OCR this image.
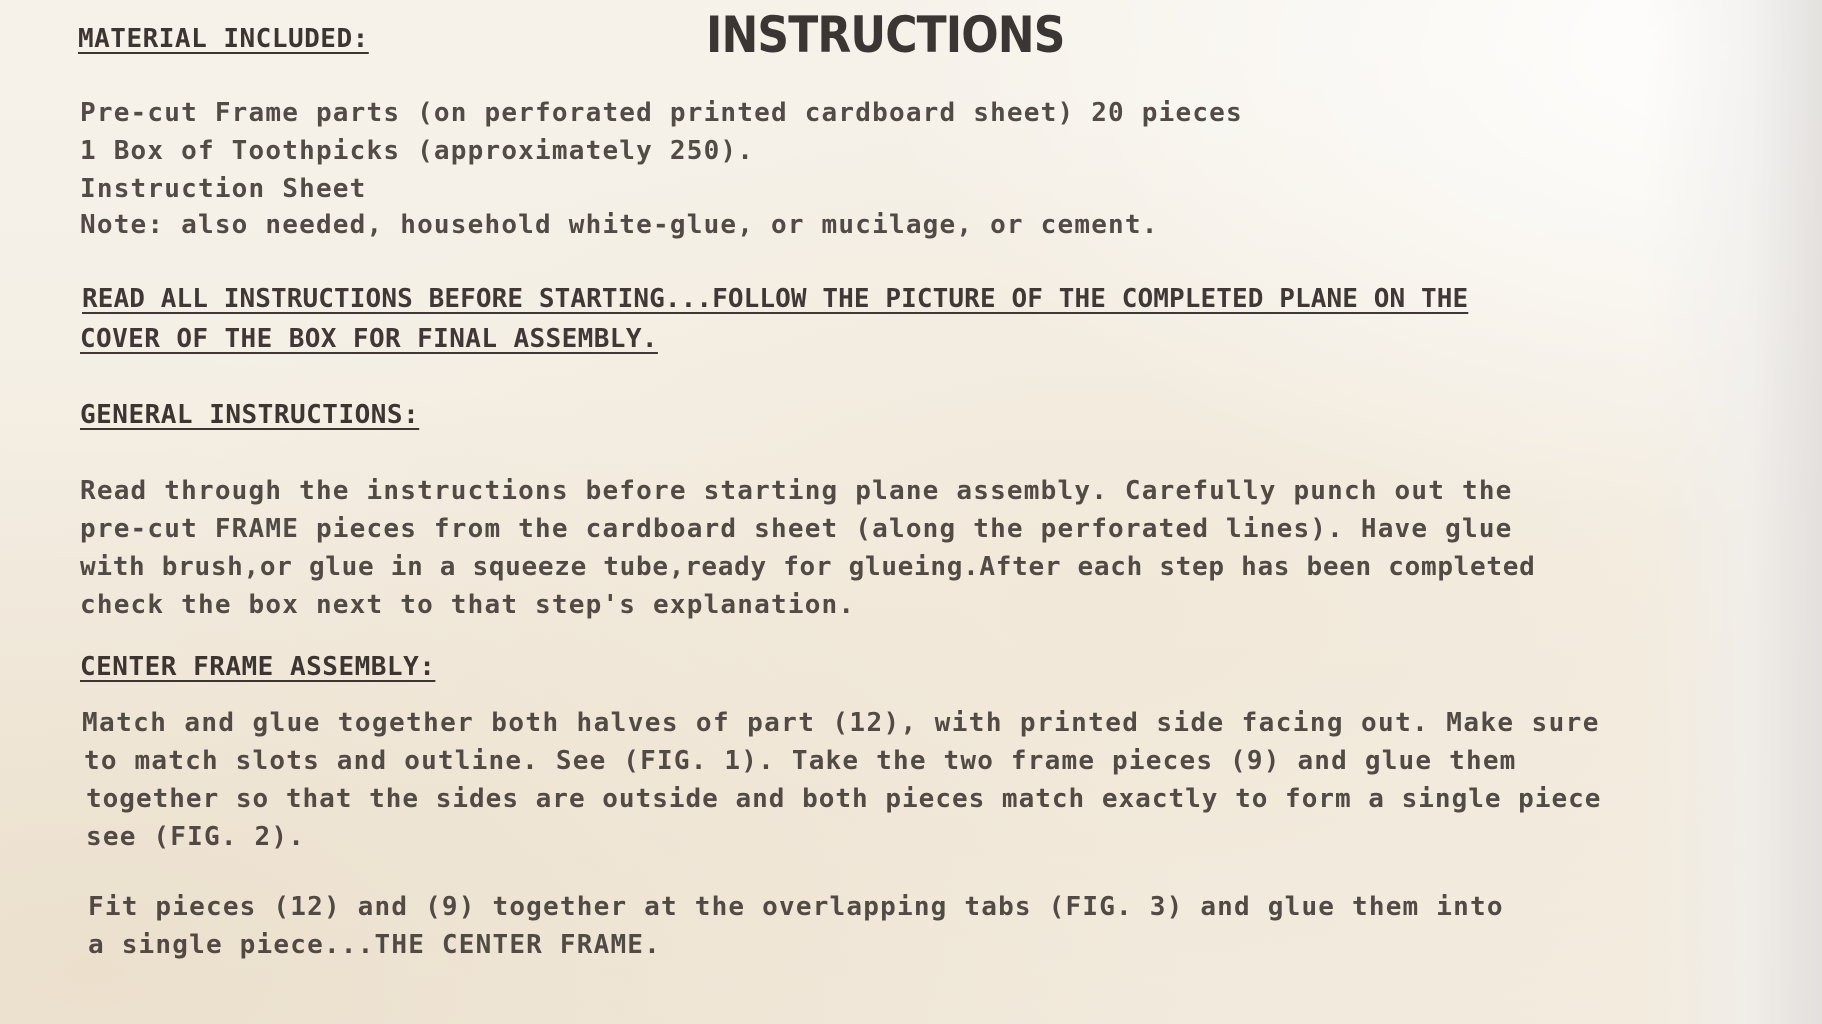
MATERIAL INCLUDED:	INSTRUCTIONS
Pre-cut Frame parts (on perforated printed cardboard sheet) 20 pieces
1 Box of Toothpicks (approximately 250).
Instruction Sheet
Note: also needed, household white-glue, or mucilage, or cement.
READ ALL INSTRUCTIONS BEFORE STARTING...FOLLOW THE PICTURE OF THE COMPLETED PLANE ON THE
COVER OF THE BOX FOR FINAL ASSEMBLY.
GENERAL INSTRUCTIONS:
Read through the instructions before starting plane assembly. Carefully punch out the
pre-cut FRAME pieces from the cardboard sheet (along the perforated lines). Have glue
with brush,or glue in a squeeze tube,ready for glueing.After each step has been completed
check the box next to that step's explanation.
CENTER FRAME ASSEMBLY:
Match and glue together both halves of part (12), with printed side facing out. Make sure
to match slots and outline. See (FIG. 1). Take the two frame pieces (9) and glue them
together so that the sides are outside and both pieces match exactly to form a single piece
see (FIG. 2).
Fit pieces (12) and (9) together at the overlapping tabs (FIG. 3) and glue them into
a single piece...THE CENTER FRAME.
